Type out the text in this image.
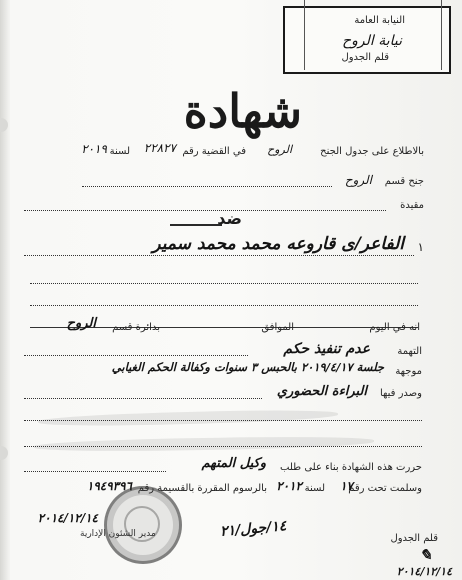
النيابة العامة
نيابة الروح
قلم الجدول
شهادة
بالاطلاع على جدول الجنح
الروح
في القضية رقم
٢٢٨٢٧
لسنة
٢٠١٩
جنح قسم
الروح
مقيدة
ضد
١
الفاعر/ى قاروعه محمد محمد سمير
انه في اليوم
الموافق
بدائرة قسم
الروح
التهمة
عدم تنفيذ حكم
موجهة
جلسة ٢٠١٩/٤/١٧ بالحبس ٣ سنوات وكفالة الحكم الغيابي
وصدر فيها
البراءة الحضوري
حررت هذه الشهادة بناء على طلب
وكيل المتهم
وسلمت تحت رقم
١٧
لسنة
٢٠١٢
بالرسوم المقررة بالقسيمة رقم
١٩٤٩٣٩٦
٢٠١٤/١٢/١٤
مدير الشئون الإدارية	١٤/جول/٢١
قلم الجدول
✎
٢٠١٤/١٢/١٤
